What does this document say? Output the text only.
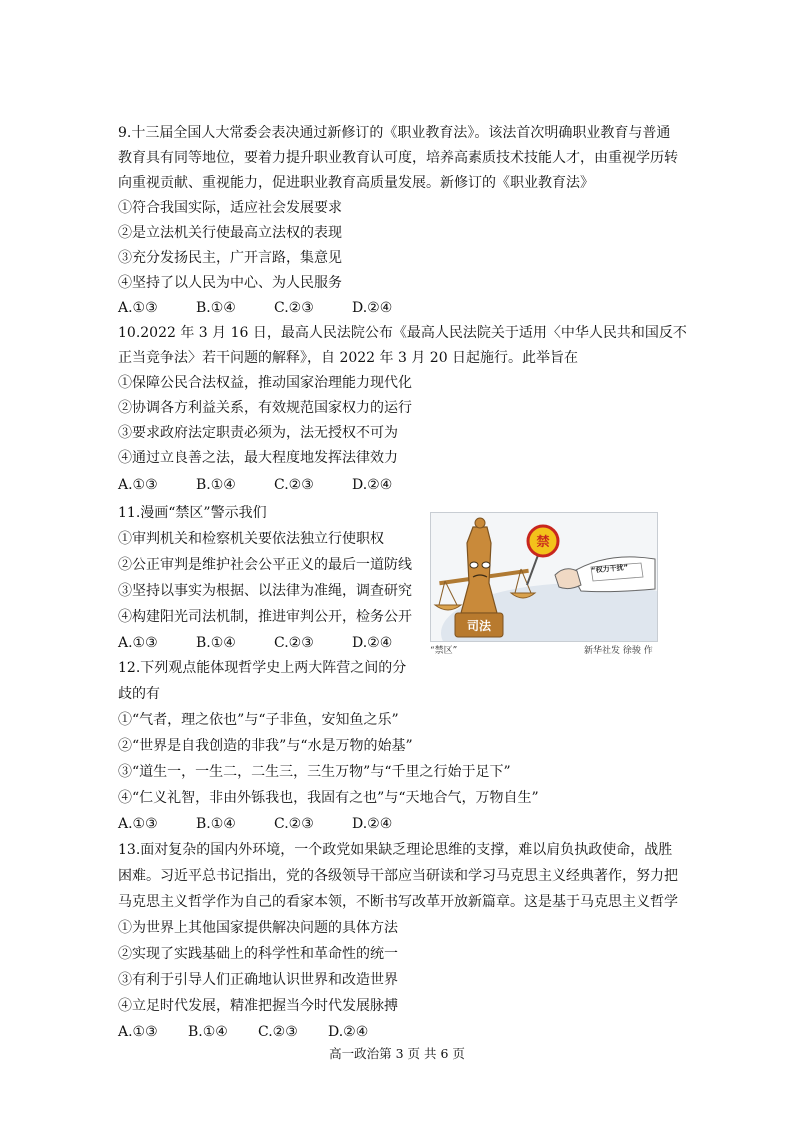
9.十三届全国人大常委会表决通过新修订的《职业教育法》。该法首次明确职业教育与普通
教育具有同等地位，要着力提升职业教育认可度，培养高素质技术技能人才，由重视学历转
向重视贡献、重视能力，促进职业教育高质量发展。新修订的《职业教育法》
①符合我国实际，适应社会发展要求
②是立法机关行使最高立法权的表现
③充分发扬民主，广开言路，集意见
④坚持了以人民为中心、为人民服务
A.①③	B.①④	C.②③	D.②④
10.2022 年 3 月 16 日，最高人民法院公布《最高人民法院关于适用〈中华人民共和国反不
正当竞争法〉若干问题的解释》，自 2022 年 3 月 20 日起施行。此举旨在
①保障公民合法权益，推动国家治理能力现代化
②协调各方利益关系，有效规范国家权力的运行
③要求政府法定职责必须为，法无授权不可为
④通过立良善之法，最大程度地发挥法律效力
A.①③	B.①④	C.②③	D.②④
11.漫画“禁区”警示我们
①审判机关和检察机关要依法独立行使职权
②公正审判是维护社会公平正义的最后一道防线
③坚持以事实为根据、以法律为准绳，调查研究
④构建阳光司法机制，推进审判公开，检务公开
A.①③	B.①④	C.②③	D.②④
禁
“权力干扰”
司法
“禁区”	新华社发 徐骏 作
12.下列观点能体现哲学史上两大阵营之间的分
歧的有
①“气者，理之依也”与“子非鱼，安知鱼之乐”
②“世界是自我创造的非我”与“水是万物的始基”
③“道生一，一生二，二生三，三生万物”与“千里之行始于足下”
④“仁义礼智，非由外铄我也，我固有之也”与“天地合气，万物自生”
A.①③	B.①④	C.②③	D.②④
13.面对复杂的国内外环境，一个政党如果缺乏理论思维的支撑，难以肩负执政使命，战胜
困难。习近平总书记指出，党的各级领导干部应当研读和学习马克思主义经典著作，努力把
马克思主义哲学作为自己的看家本领，不断书写改革开放新篇章。这是基于马克思主义哲学
①为世界上其他国家提供解决问题的具体方法
②实现了实践基础上的科学性和革命性的统一
③有利于引导人们正确地认识世界和改造世界
④立足时代发展，精准把握当今时代发展脉搏
A.①③ B.①④ C.②③ D.②④
高一政治第 3 页 共 6 页
